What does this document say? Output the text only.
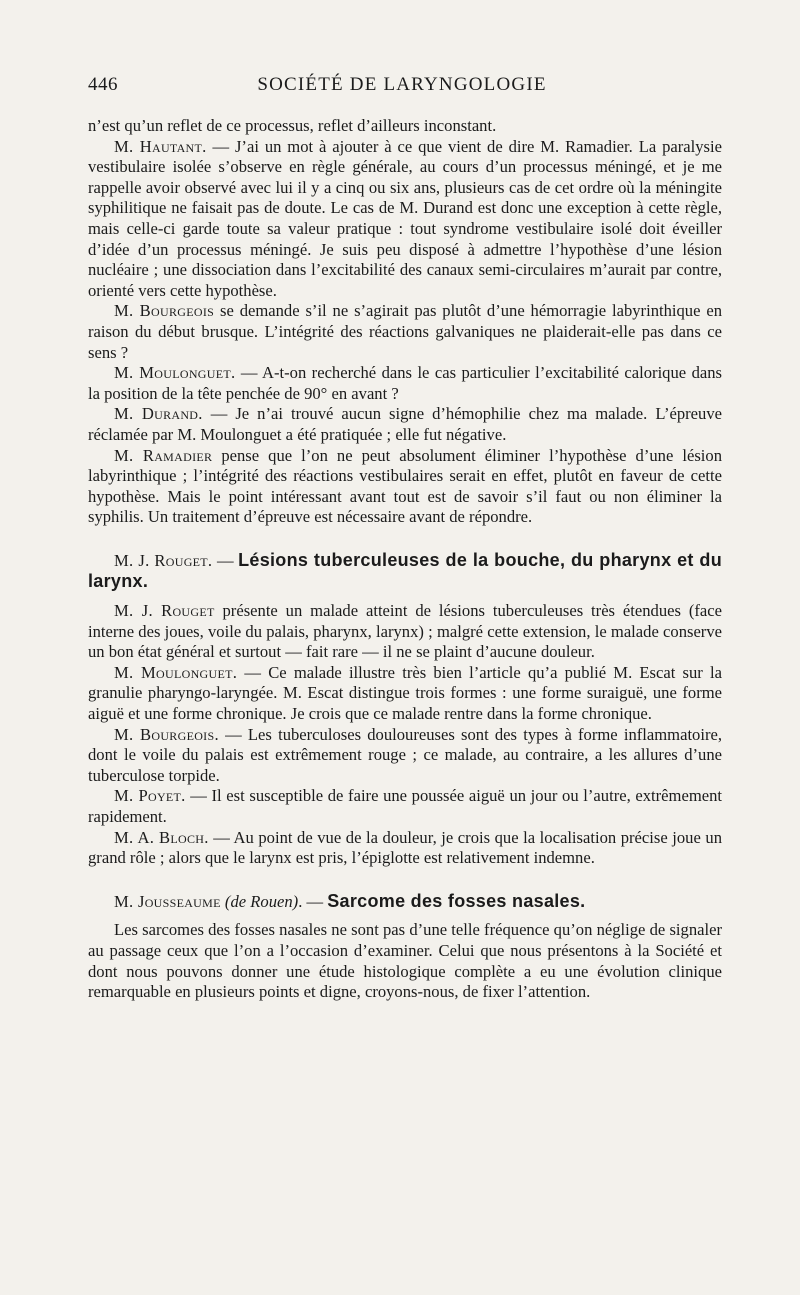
446	SOCIÉTÉ DE LARYNGOLOGIE

n’est qu’un reflet de ce processus, reflet d’ailleurs inconstant.

M. Hautant. — J’ai un mot à ajouter à ce que vient de dire M. Ramadier. La paralysie vestibulaire isolée s’observe en règle générale, au cours d’un processus méningé, et je me rappelle avoir observé avec lui il y a cinq ou six ans, plusieurs cas de cet ordre où la méningite syphilitique ne faisait pas de doute. Le cas de M. Durand est donc une exception à cette règle, mais celle-ci garde toute sa valeur pratique : tout syndrome vestibulaire isolé doit éveiller d’idée d’un processus méningé. Je suis peu disposé à admettre l’hypothèse d’une lésion nucléaire ; une dissociation dans l’excitabilité des canaux semi-circulaires m’aurait par contre, orienté vers cette hypothèse.

M. Bourgeois se demande s’il ne s’agirait pas plutôt d’une hémorragie labyrinthique en raison du début brusque. L’intégrité des réactions galvaniques ne plaiderait-elle pas dans ce sens ?

M. Moulonguet. — A-t-on recherché dans le cas particulier l’excitabilité calorique dans la position de la tête penchée de 90° en avant ?

M. Durand. — Je n’ai trouvé aucun signe d’hémophilie chez ma malade. L’épreuve réclamée par M. Moulonguet a été pratiquée ; elle fut négative.

M. Ramadier pense que l’on ne peut absolument éliminer l’hypothèse d’une lésion labyrinthique ; l’intégrité des réactions vestibulaires serait en effet, plutôt en faveur de cette hypothèse. Mais le point intéressant avant tout est de savoir s’il faut ou non éliminer la syphilis. Un traitement d’épreuve est nécessaire avant de répondre.

M. J. Rouget. — Lésions tuberculeuses de la bouche, du pharynx et du larynx.

M. J. Rouget présente un malade atteint de lésions tuberculeuses très étendues (face interne des joues, voile du palais, pharynx, larynx) ; malgré cette extension, le malade conserve un bon état général et surtout — fait rare — il ne se plaint d’aucune douleur.

M. Moulonguet. — Ce malade illustre très bien l’article qu’a publié M. Escat sur la granulie pharyngo-laryngée. M. Escat distingue trois formes : une forme suraiguë, une forme aiguë et une forme chronique. Je crois que ce malade rentre dans la forme chronique.

M. Bourgeois. — Les tuberculoses douloureuses sont des types à forme inflammatoire, dont le voile du palais est extrêmement rouge ; ce malade, au contraire, a les allures d’une tuberculose torpide.

M. Poyet. — Il est susceptible de faire une poussée aiguë un jour ou l’autre, extrêmement rapidement.

M. A. Bloch. — Au point de vue de la douleur, je crois que la localisation précise joue un grand rôle ; alors que le larynx est pris, l’épiglotte est relativement indemne.

M. Jousseaume (de Rouen). — Sarcome des fosses nasales.

Les sarcomes des fosses nasales ne sont pas d’une telle fréquence qu’on néglige de signaler au passage ceux que l’on a l’occasion d’examiner. Celui que nous présentons à la Société et dont nous pouvons donner une étude histologique complète a eu une évolution clinique remarquable en plusieurs points et digne, croyons-nous, de fixer l’attention.
